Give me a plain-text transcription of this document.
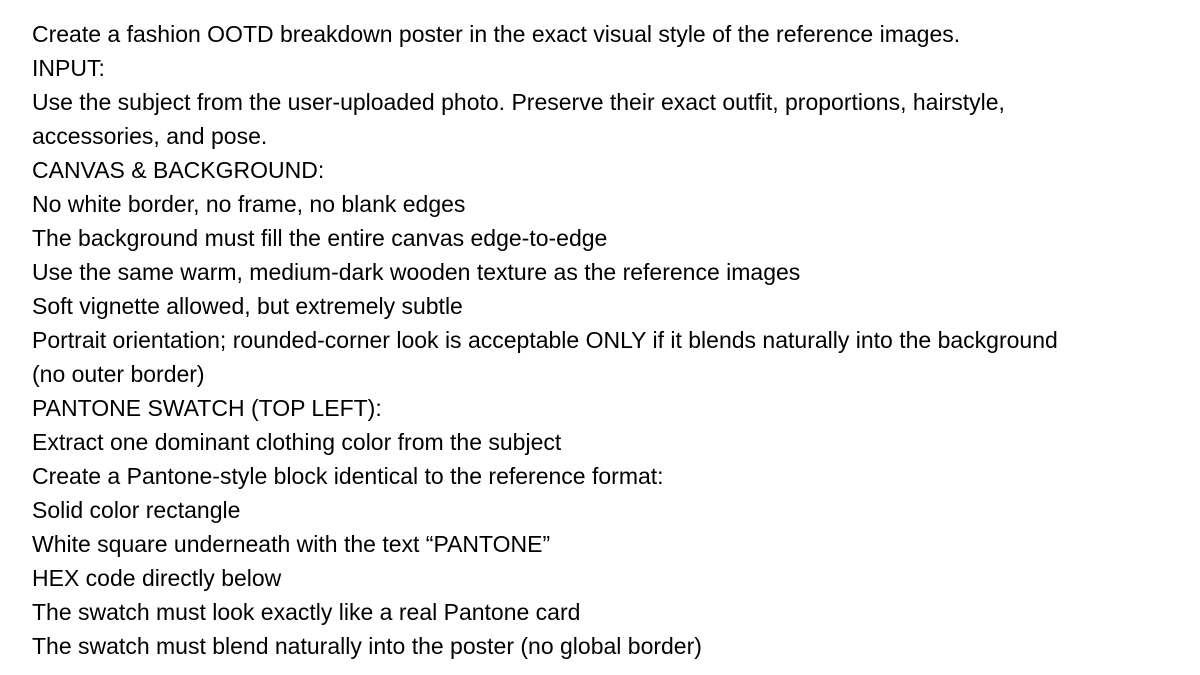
Create a fashion OOTD breakdown poster in the exact visual style of the reference images.

INPUT:

Use the subject from the user-uploaded photo. Preserve their exact outfit, proportions, hairstyle,

accessories, and pose.

CANVAS & BACKGROUND:

No white border, no frame, no blank edges

The background must fill the entire canvas edge-to-edge

Use the same warm, medium-dark wooden texture as the reference images

Soft vignette allowed, but extremely subtle

Portrait orientation; rounded-corner look is acceptable ONLY if it blends naturally into the background

(no outer border)

PANTONE SWATCH (TOP LEFT):

Extract one dominant clothing color from the subject

Create a Pantone-style block identical to the reference format:

Solid color rectangle

White square underneath with the text “PANTONE”

HEX code directly below

The swatch must look exactly like a real Pantone card

The swatch must blend naturally into the poster (no global border)
